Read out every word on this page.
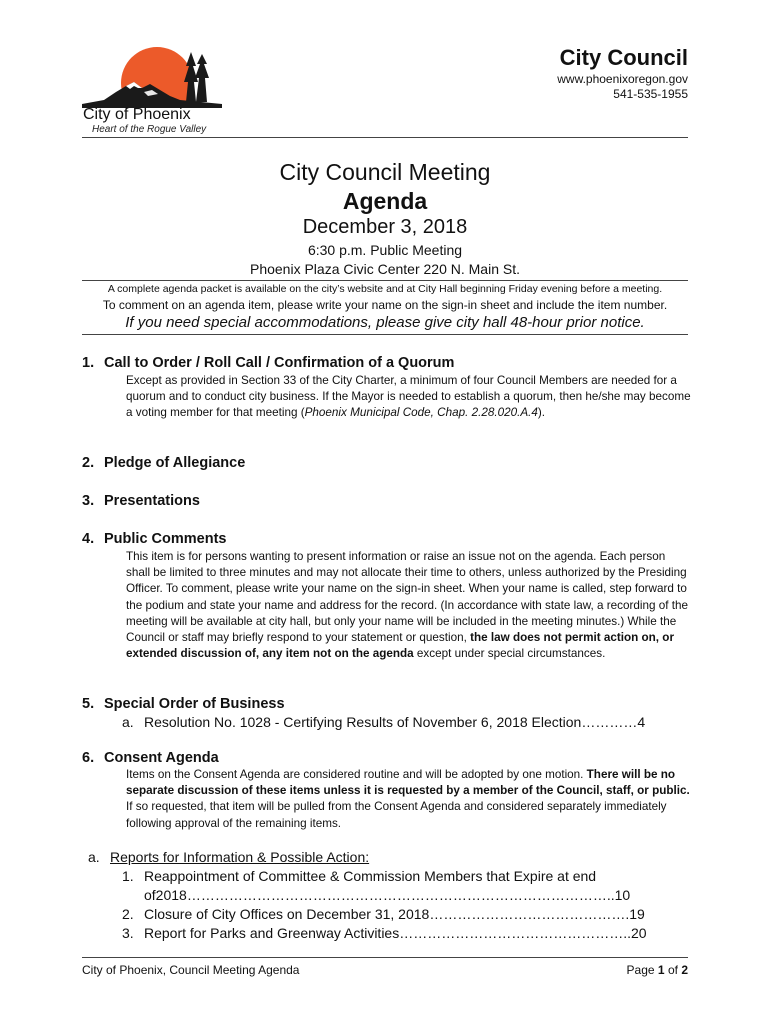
City of Phoenix
Heart of the Rogue Valley
City Council
www.phoenixoregon.gov
541-535-1955
City Council Meeting
Agenda
December 3, 2018
6:30 p.m. Public Meeting
Phoenix Plaza Civic Center 220 N. Main St.
A complete agenda packet is available on the city’s website and at City Hall beginning Friday evening before a meeting.
To comment on an agenda item, please write your name on the sign-in sheet and include the item number.
If you need special accommodations, please give city hall 48-hour prior notice.
1. Call to Order / Roll Call / Confirmation of a Quorum
Except as provided in Section 33 of the City Charter, a minimum of four Council Members are needed for a quorum and to conduct city business. If the Mayor is needed to establish a quorum, then he/she may become a voting member for that meeting (Phoenix Municipal Code, Chap. 2.28.020.A.4).
2. Pledge of Allegiance
3. Presentations
4. Public Comments
This item is for persons wanting to present information or raise an issue not on the agenda. Each person shall be limited to three minutes and may not allocate their time to others, unless authorized by the Presiding Officer. To comment, please write your name on the sign-in sheet. When your name is called, step forward to the podium and state your name and address for the record. (In accordance with state law, a recording of the meeting will be available at city hall, but only your name will be included in the meeting minutes.) While the Council or staff may briefly respond to your statement or question, the law does not permit action on, or extended discussion of, any item not on the agenda except under special circumstances.
5. Special Order of Business
a. Resolution No. 1028 - Certifying Results of November 6, 2018 Election…………4
6. Consent Agenda
Items on the Consent Agenda are considered routine and will be adopted by one motion. There will be no separate discussion of these items unless it is requested by a member of the Council, staff, or public. If so requested, that item will be pulled from the Consent Agenda and considered separately immediately following approval of the remaining items.
a. Reports for Information & Possible Action:
1. Reappointment of Committee & Commission Members that Expire at end
of2018………………………………………………………………………………..10
2. Closure of City Offices on December 31, 2018…………………………………….19
3. Report for Parks and Greenway Activities…………………………………………..20
City of Phoenix, Council Meeting Agenda	Page 1 of 2
